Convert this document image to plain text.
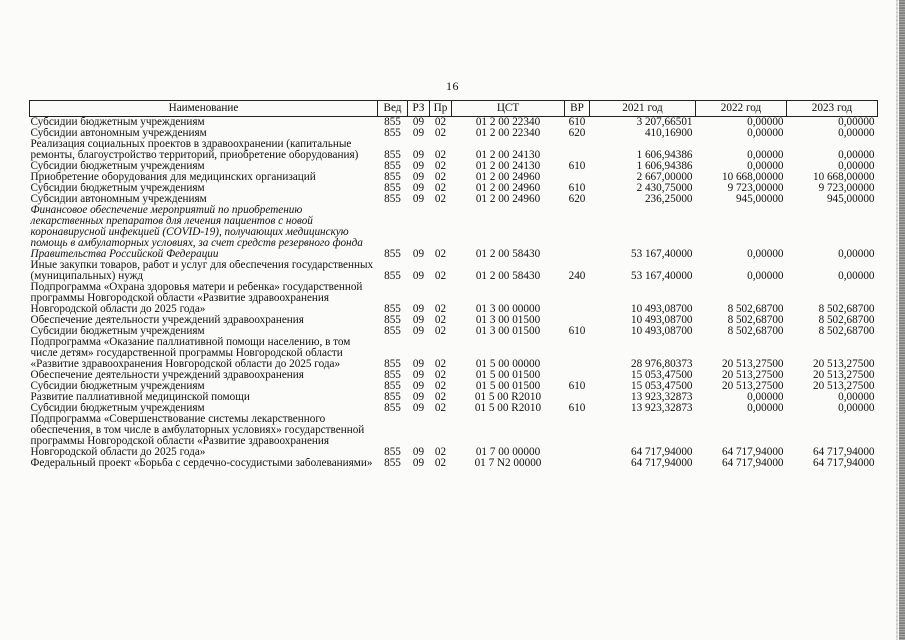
16
Наименование	Вед	РЗ	Пр	ЦСТ	ВР	2021 год	2022 год	2023 год
Субсидии бюджетным учреждениям	855	09	02	01 2 00 22340	610	3 207,66501	0,00000	0,00000
Субсидии автономным учреждениям	855	09	02	01 2 00 22340	620	410,16900	0,00000	0,00000
Реализация социальных проектов в здравоохранении (капитальные ремонты, благоустройство территорий, приобретение оборудования)	855	09	02	01 2 00 24130		1 606,94386	0,00000	0,00000
Субсидии бюджетным учреждениям	855	09	02	01 2 00 24130	610	1 606,94386	0,00000	0,00000
Приобретение оборудования для медицинских организаций	855	09	02	01 2 00 24960		2 667,00000	10 668,00000	10 668,00000
Субсидии бюджетным учреждениям	855	09	02	01 2 00 24960	610	2 430,75000	9 723,00000	9 723,00000
Субсидии автономным учреждениям	855	09	02	01 2 00 24960	620	236,25000	945,00000	945,00000
Финансовое обеспечение мероприятий по приобретению лекарственных препаратов для лечения пациентов с новой коронавирусной инфекцией (COVID-19), получающих медицинскую помощь в амбулаторных условиях, за счет средств резервного фонда Правительства Российской Федерации	855	09	02	01 2 00 58430		53 167,40000	0,00000	0,00000
Иные закупки товаров, работ и услуг для обеспечения государственных (муниципальных) нужд	855	09	02	01 2 00 58430	240	53 167,40000	0,00000	0,00000
Подпрограмма «Охрана здоровья матери и ребенка» государственной программы Новгородской области «Развитие здравоохранения Новгородской области до 2025 года»	855	09	02	01 3 00 00000		10 493,08700	8 502,68700	8 502,68700
Обеспечение деятельности учреждений здравоохранения	855	09	02	01 3 00 01500		10 493,08700	8 502,68700	8 502,68700
Субсидии бюджетным учреждениям	855	09	02	01 3 00 01500	610	10 493,08700	8 502,68700	8 502,68700
Подпрограмма «Оказание паллиативной помощи населению, в том числе детям» государственной программы Новгородской области «Развитие здравоохранения Новгородской области до 2025 года»	855	09	02	01 5 00 00000		28 976,80373	20 513,27500	20 513,27500
Обеспечение деятельности учреждений здравоохранения	855	09	02	01 5 00 01500		15 053,47500	20 513,27500	20 513,27500
Субсидии бюджетным учреждениям	855	09	02	01 5 00 01500	610	15 053,47500	20 513,27500	20 513,27500
Развитие паллиативной медицинской помощи	855	09	02	01 5 00 R2010		13 923,32873	0,00000	0,00000
Субсидии бюджетным учреждениям	855	09	02	01 5 00 R2010	610	13 923,32873	0,00000	0,00000
Подпрограмма «Совершенствование системы лекарственного обеспечения, в том числе в амбулаторных условиях» государственной программы Новгородской области «Развитие здравоохранения Новгородской области до 2025 года»	855	09	02	01 7 00 00000		64 717,94000	64 717,94000	64 717,94000
Федеральный проект «Борьба с сердечно-сосудистыми заболеваниями»	855	09	02	01 7 N2 00000		64 717,94000	64 717,94000	64 717,94000
